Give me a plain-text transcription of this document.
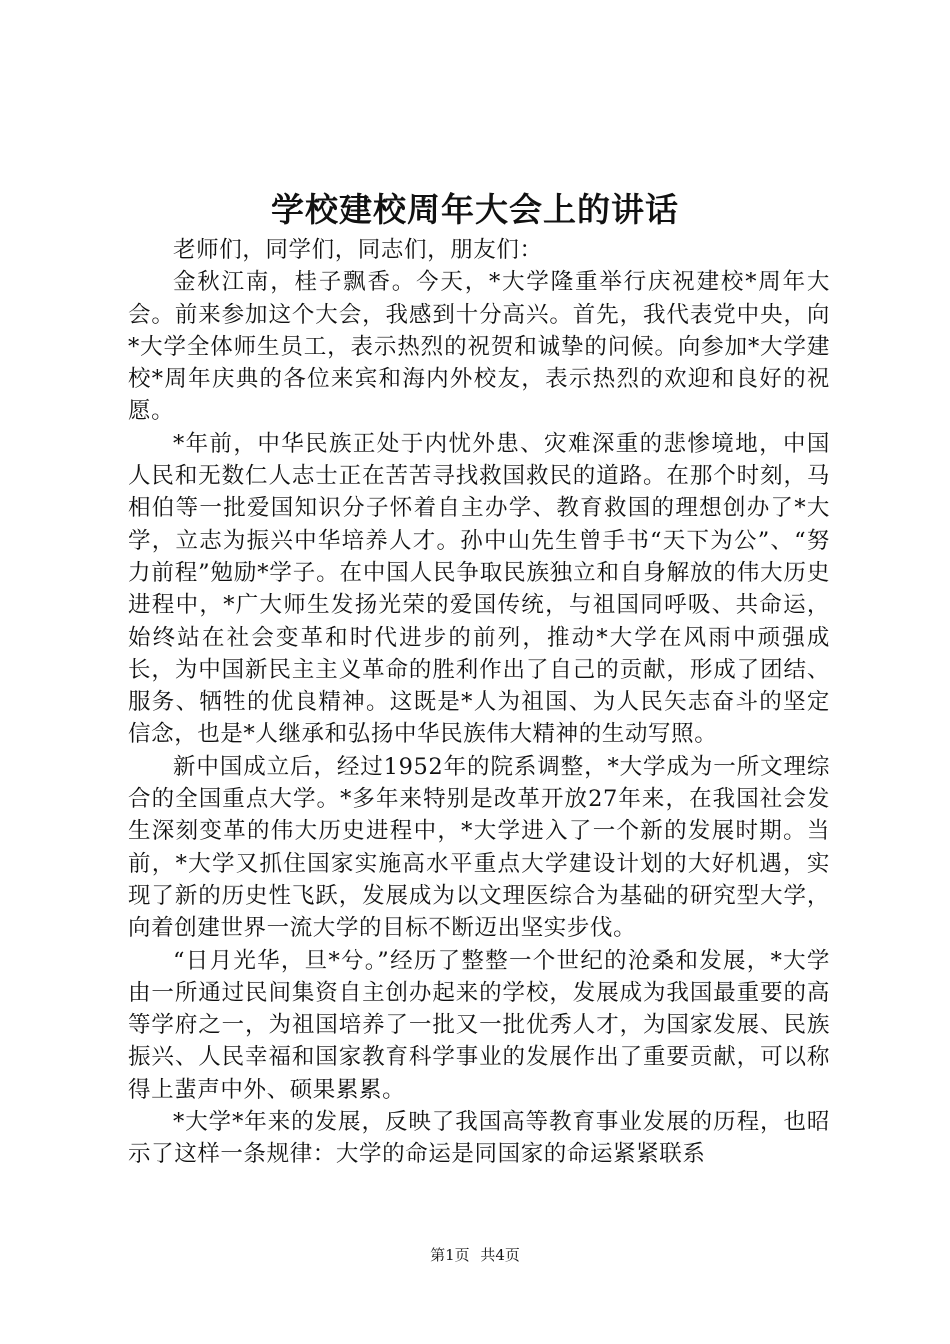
学校建校周年大会上的讲话

老师们，同学们，同志们，朋友们：

金秋江南，桂子飘香。今天，*大学隆重举行庆祝建校*周年大会。前来参加这个大会，我感到十分高兴。首先，我代表党中央，向*大学全体师生员工，表示热烈的祝贺和诚挚的问候。向参加*大学建校*周年庆典的各位来宾和海内外校友，表示热烈的欢迎和良好的祝愿。

*年前，中华民族正处于内忧外患、灾难深重的悲惨境地，中国人民和无数仁人志士正在苦苦寻找救国救民的道路。在那个时刻，马相伯等一批爱国知识分子怀着自主办学、教育救国的理想创办了*大学，立志为振兴中华培养人才。孙中山先生曾手书“天下为公”、“努力前程”勉励*学子。在中国人民争取民族独立和自身解放的伟大历史进程中，*广大师生发扬光荣的爱国传统，与祖国同呼吸、共命运，始终站在社会变革和时代进步的前列，推动*大学在风雨中顽强成长，为中国新民主主义革命的胜利作出了自己的贡献，形成了团结、服务、牺牲的优良精神。这既是*人为祖国、为人民矢志奋斗的坚定信念，也是*人继承和弘扬中华民族伟大精神的生动写照。

新中国成立后，经过1952年的院系调整，*大学成为一所文理综合的全国重点大学。*多年来特别是改革开放27年来，在我国社会发生深刻变革的伟大历史进程中，*大学进入了一个新的发展时期。当前，*大学又抓住国家实施高水平重点大学建设计划的大好机遇，实现了新的历史性飞跃，发展成为以文理医综合为基础的研究型大学，向着创建世界一流大学的目标不断迈出坚实步伐。

“日月光华，旦*兮。”经历了整整一个世纪的沧桑和发展，*大学由一所通过民间集资自主创办起来的学校，发展成为我国最重要的高等学府之一，为祖国培养了一批又一批优秀人才，为国家发展、民族振兴、人民幸福和国家教育科学事业的发展作出了重要贡献，可以称得上蜚声中外、硕果累累。

*大学*年来的发展，反映了我国高等教育事业发展的历程，也昭示了这样一条规律：大学的命运是同国家的命运紧紧联系

第1页 共4页
